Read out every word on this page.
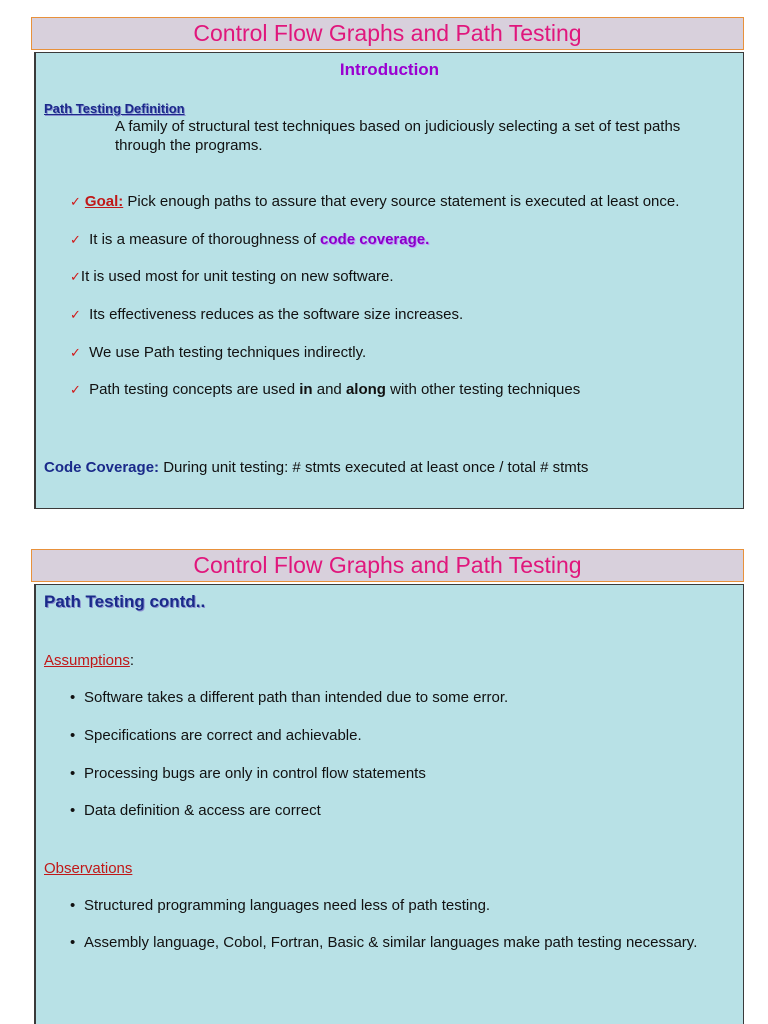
Control Flow Graphs and Path Testing
Introduction
Path Testing Definition
A family of structural test techniques based on judiciously selecting a set of test paths
through the programs.
✓ Goal: Pick enough paths to assure that every source statement is executed at least once.
✓ It is a measure of thoroughness of code coverage.
✓It is used most for unit testing on new software.
✓ Its effectiveness reduces as the software size increases.
✓ We use Path testing techniques indirectly.
✓ Path testing concepts are used in and along with other testing techniques
Code Coverage: During unit testing: # stmts executed at least once / total # stmts
Control Flow Graphs and Path Testing
Path Testing contd..
Assumptions:
• Software takes a different path than intended due to some error.
• Specifications are correct and achievable.
• Processing bugs are only in control flow statements
• Data definition & access are correct
Observations
• Structured programming languages need less of path testing.
• Assembly language, Cobol, Fortran, Basic & similar languages make path testing necessary.
